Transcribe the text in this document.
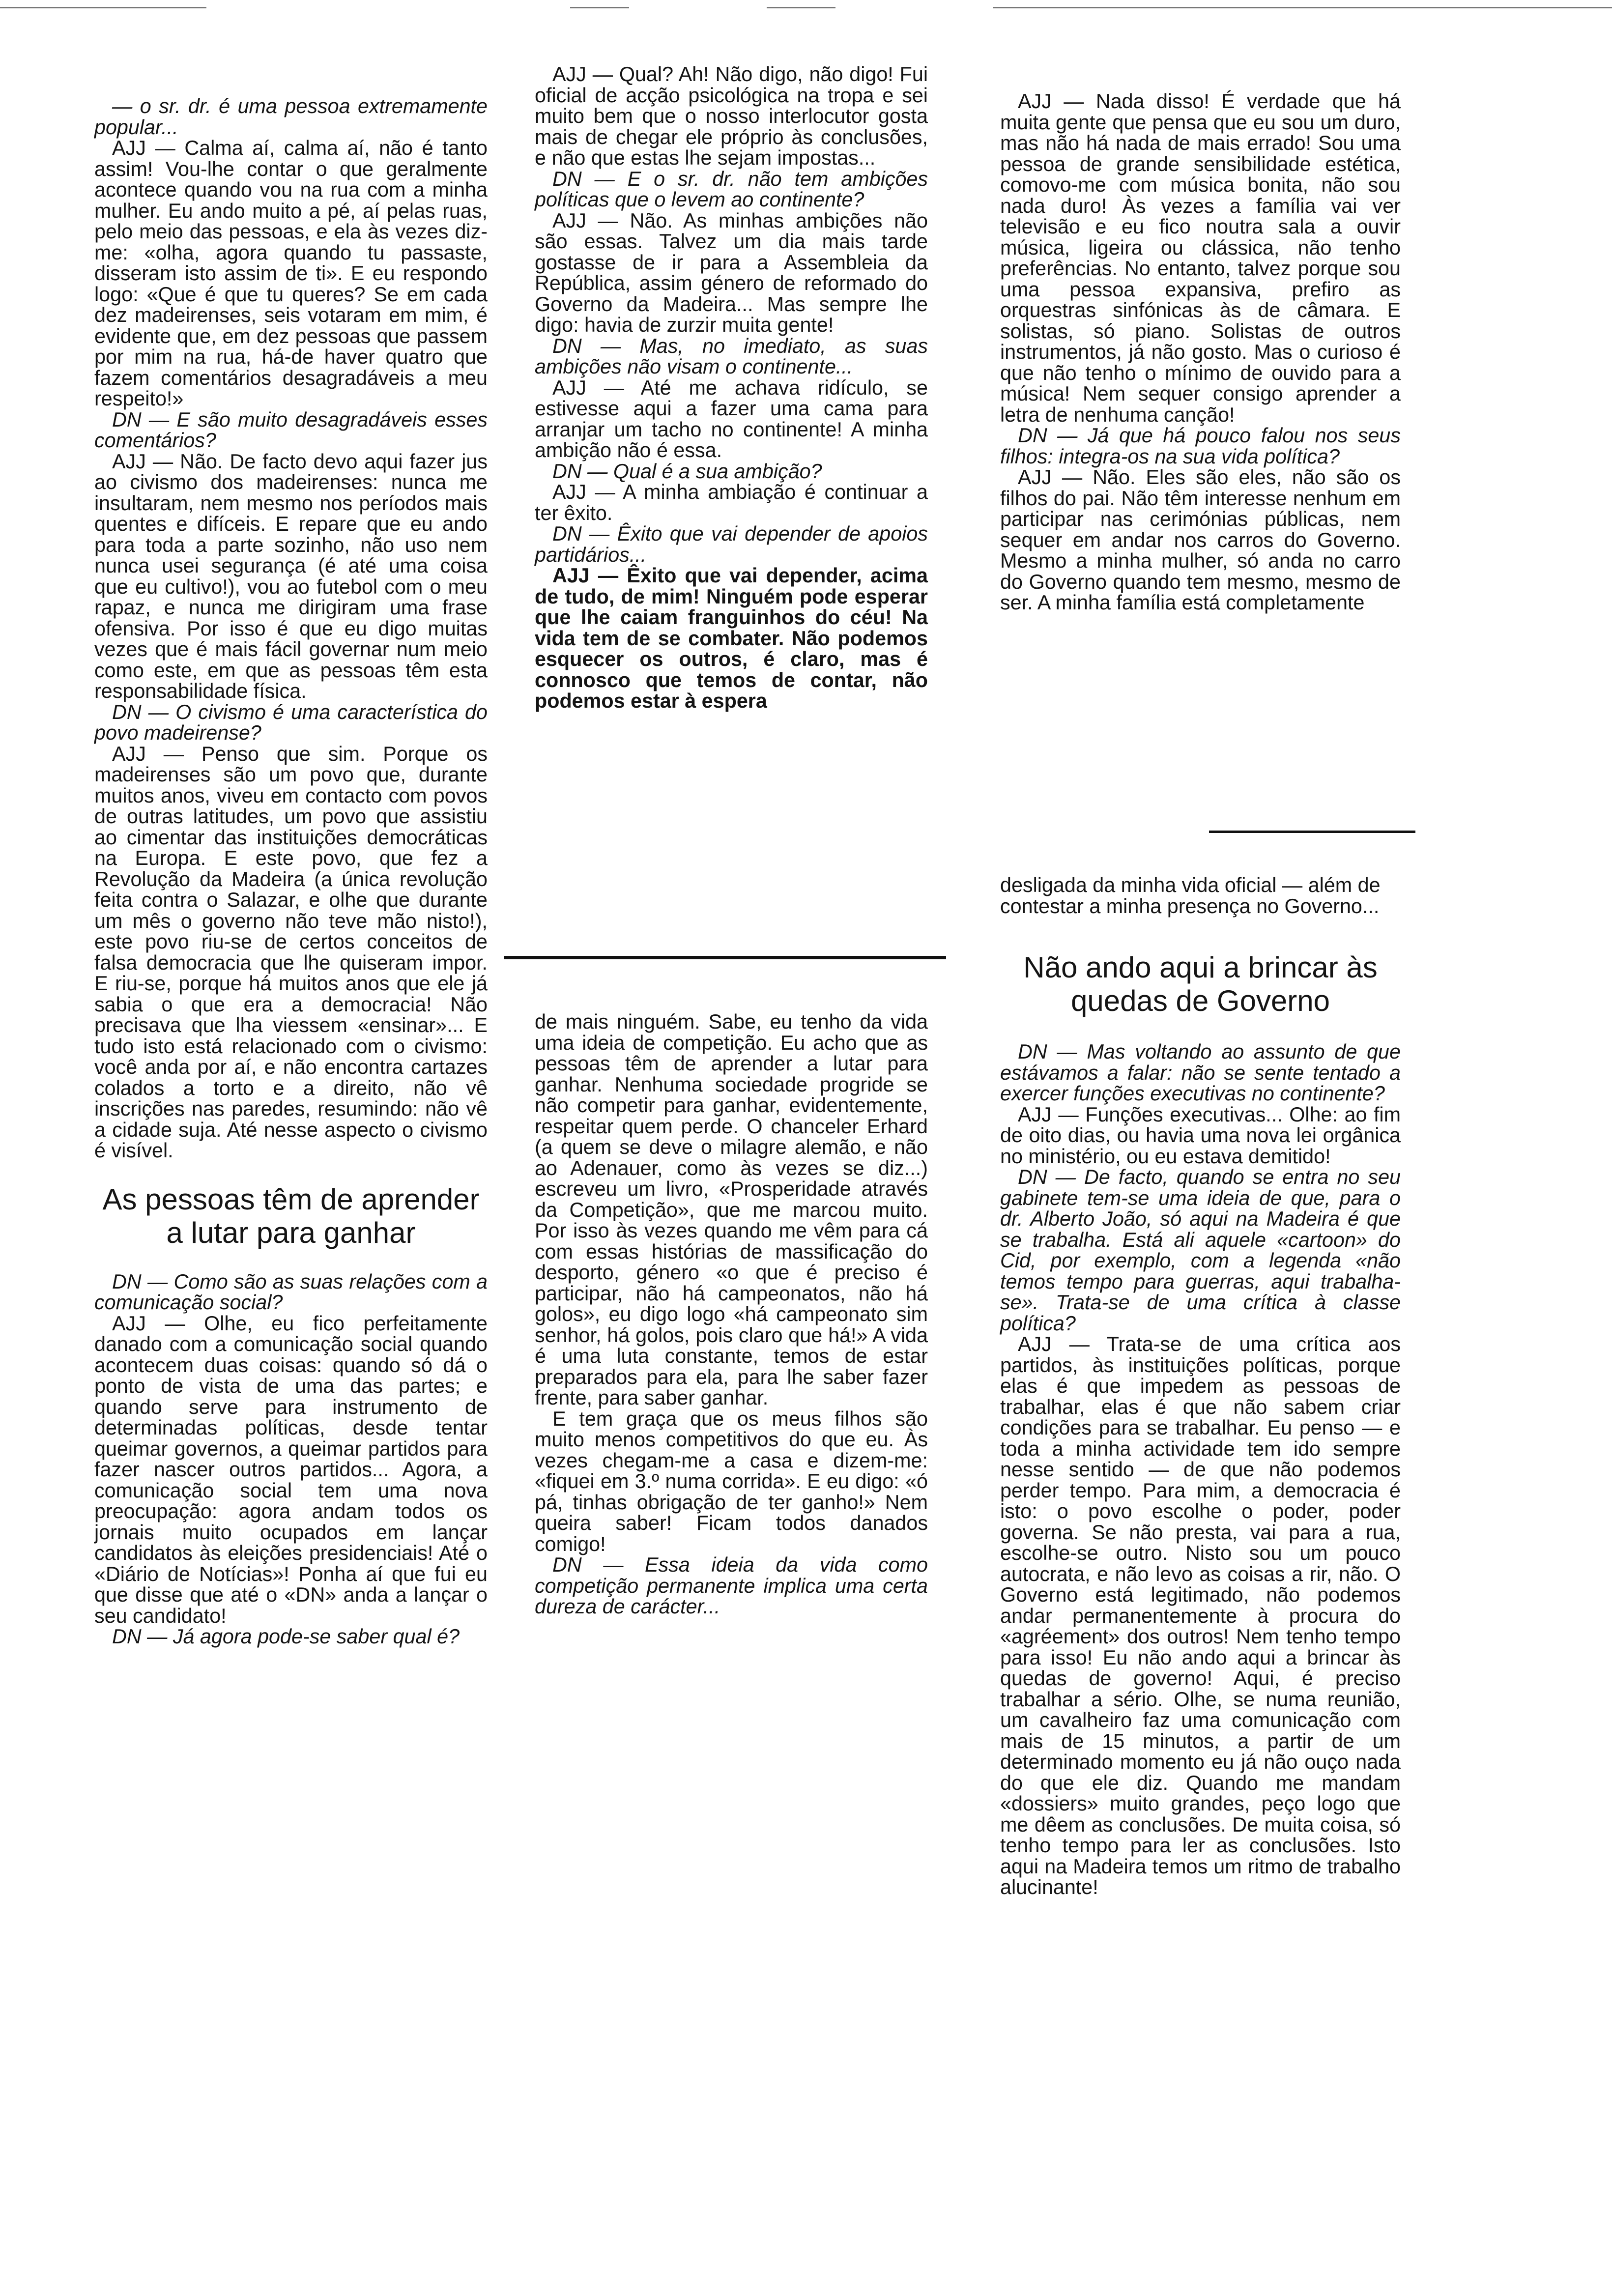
— o sr. dr. é uma pessoa extremamente popular...

AJJ — Calma aí, calma aí, não é tanto assim! Vou-lhe contar o que geralmente acontece quando vou na rua com a minha mulher. Eu ando muito a pé, aí pelas ruas, pelo meio das pessoas, e ela às vezes diz-me: «olha, agora quando tu passaste, disseram isto assim de ti». E eu respondo logo: «Que é que tu queres? Se em cada dez madeirenses, seis votaram em mim, é evidente que, em dez pessoas que passem por mim na rua, há-de haver quatro que fazem comentários desagradáveis a meu respeito!»

DN — E são muito desagradáveis esses comentários?

AJJ — Não. De facto devo aqui fazer jus ao civismo dos madeirenses: nunca me insultaram, nem mesmo nos períodos mais quentes e difíceis. E repare que eu ando para toda a parte sozinho, não uso nem nunca usei segurança (é até uma coisa que eu cultivo!), vou ao futebol com o meu rapaz, e nunca me dirigiram uma frase ofensiva. Por isso é que eu digo muitas vezes que é mais fácil governar num meio como este, em que as pessoas têm esta responsabilidade física.

DN — O civismo é uma característica do povo madeirense?

AJJ — Penso que sim. Porque os madeirenses são um povo que, durante muitos anos, viveu em contacto com povos de outras latitudes, um povo que assistiu ao cimentar das instituições democráticas na Europa. E este povo, que fez a Revolução da Madeira (a única revolução feita contra o Salazar, e olhe que durante um mês o governo não teve mão nisto!), este povo riu-se de certos conceitos de falsa democracia que lhe quiseram impor. E riu-se, porque há muitos anos que ele já sabia o que era a democracia! Não precisava que lha viessem «ensinar»... E tudo isto está relacionado com o civismo: você anda por aí, e não encontra cartazes colados a torto e a direito, não vê inscrições nas paredes, resumindo: não vê a cidade suja. Até nesse aspecto o civismo é visível.

As pessoas têm de aprender a lutar para ganhar

DN — Como são as suas relações com a comunicação social?

AJJ — Olhe, eu fico perfeitamente danado com a comunicação social quando acontecem duas coisas: quando só dá o ponto de vista de uma das partes; e quando serve para instrumento de determinadas políticas, desde tentar queimar governos, a queimar partidos para fazer nascer outros partidos... Agora, a comunicação social tem uma nova preocupação: agora andam todos os jornais muito ocupados em lançar candidatos às eleições presidenciais! Até o «Diário de Notícias»! Ponha aí que fui eu que disse que até o «DN» anda a lançar o seu candidato!

DN — Já agora pode-se saber qual é?

AJJ — Qual? Ah! Não digo, não digo! Fui oficial de acção psicológica na tropa e sei muito bem que o nosso interlocutor gosta mais de chegar ele próprio às conclusões, e não que estas lhe sejam impostas...

DN — E o sr. dr. não tem ambições políticas que o levem ao continente?

AJJ — Não. As minhas ambições não são essas. Talvez um dia mais tarde gostasse de ir para a Assembleia da República, assim género de reformado do Governo da Madeira... Mas sempre lhe digo: havia de zurzir muita gente!

DN — Mas, no imediato, as suas ambições não visam o continente...

AJJ — Até me achava ridículo, se estivesse aqui a fazer uma cama para arranjar um tacho no continente! A minha ambição não é essa.

DN — Qual é a sua ambição?

AJJ — A minha ambiação é continuar a ter êxito.

DN — Êxito que vai depender de apoios partidários...

AJJ — Êxito que vai depender, acima de tudo, de mim! Ninguém pode esperar que lhe caiam franguinhos do céu! Na vida tem de se combater. Não podemos esquecer os outros, é claro, mas é connosco que temos de contar, não podemos estar à espera

de mais ninguém. Sabe, eu tenho da vida uma ideia de competição. Eu acho que as pessoas têm de aprender a lutar para ganhar. Nenhuma sociedade progride se não competir para ganhar, evidentemente, respeitar quem perde. O chanceler Erhard (a quem se deve o milagre alemão, e não ao Adenauer, como às vezes se diz...) escreveu um livro, «Prosperidade através da Competição», que me marcou muito. Por isso às vezes quando me vêm para cá com essas histórias de massificação do desporto, género «o que é preciso é participar, não há campeonatos, não há golos», eu digo logo «há campeonato sim senhor, há golos, pois claro que há!» A vida é uma luta constante, temos de estar preparados para ela, para lhe saber fazer frente, para saber ganhar.

E tem graça que os meus filhos são muito menos competitivos do que eu. Às vezes chegam-me a casa e dizem-me: «fiquei em 3.º numa corrida». E eu digo: «ó pá, tinhas obrigação de ter ganho!» Nem queira saber! Ficam todos danados comigo!

DN — Essa ideia da vida como competição permanente implica uma certa dureza de carácter...

AJJ — Nada disso! É verdade que há muita gente que pensa que eu sou um duro, mas não há nada de mais errado! Sou uma pessoa de grande sensibilidade estética, comovo-me com música bonita, não sou nada duro! Às vezes a família vai ver televisão e eu fico noutra sala a ouvir música, ligeira ou clássica, não tenho preferências. No entanto, talvez porque sou uma pessoa expansiva, prefiro as orquestras sinfónicas às de câmara. E solistas, só piano. Solistas de outros instrumentos, já não gosto. Mas o curioso é que não tenho o mínimo de ouvido para a música! Nem sequer consigo aprender a letra de nenhuma canção!

DN — Já que há pouco falou nos seus filhos: integra-os na sua vida política?

AJJ — Não. Eles são eles, não são os filhos do pai. Não têm interesse nenhum em participar nas cerimónias públicas, nem sequer em andar nos carros do Governo. Mesmo a minha mulher, só anda no carro do Governo quando tem mesmo, mesmo de ser. A minha família está completamente

desligada da minha vida oficial — além de contestar a minha presença no Governo...

Não ando aqui a brincar às quedas de Governo

DN — Mas voltando ao assunto de que estávamos a falar: não se sente tentado a exercer funções executivas no continente?

AJJ — Funções executivas... Olhe: ao fim de oito dias, ou havia uma nova lei orgânica no ministério, ou eu estava demitido!

DN — De facto, quando se entra no seu gabinete tem-se uma ideia de que, para o dr. Alberto João, só aqui na Madeira é que se trabalha. Está ali aquele «cartoon» do Cid, por exemplo, com a legenda «não temos tempo para guerras, aqui trabalha-se». Trata-se de uma crítica à classe política?

AJJ — Trata-se de uma crítica aos partidos, às instituições políticas, porque elas é que impedem as pessoas de trabalhar, elas é que não sabem criar condições para se trabalhar. Eu penso — e toda a minha actividade tem ido sempre nesse sentido — de que não podemos perder tempo. Para mim, a democracia é isto: o povo escolhe o poder, poder governa. Se não presta, vai para a rua, escolhe-se outro. Nisto sou um pouco autocrata, e não levo as coisas a rir, não. O Governo está legitimado, não podemos andar permanentemente à procura do «agréement» dos outros! Nem tenho tempo para isso! Eu não ando aqui a brincar às quedas de governo! Aqui, é preciso trabalhar a sério. Olhe, se numa reunião, um cavalheiro faz uma comunicação com mais de 15 minutos, a partir de um determinado momento eu já não ouço nada do que ele diz. Quando me mandam «dossiers» muito grandes, peço logo que me dêem as conclusões. De muita coisa, só tenho tempo para ler as conclusões. Isto aqui na Madeira temos um ritmo de trabalho alucinante!
